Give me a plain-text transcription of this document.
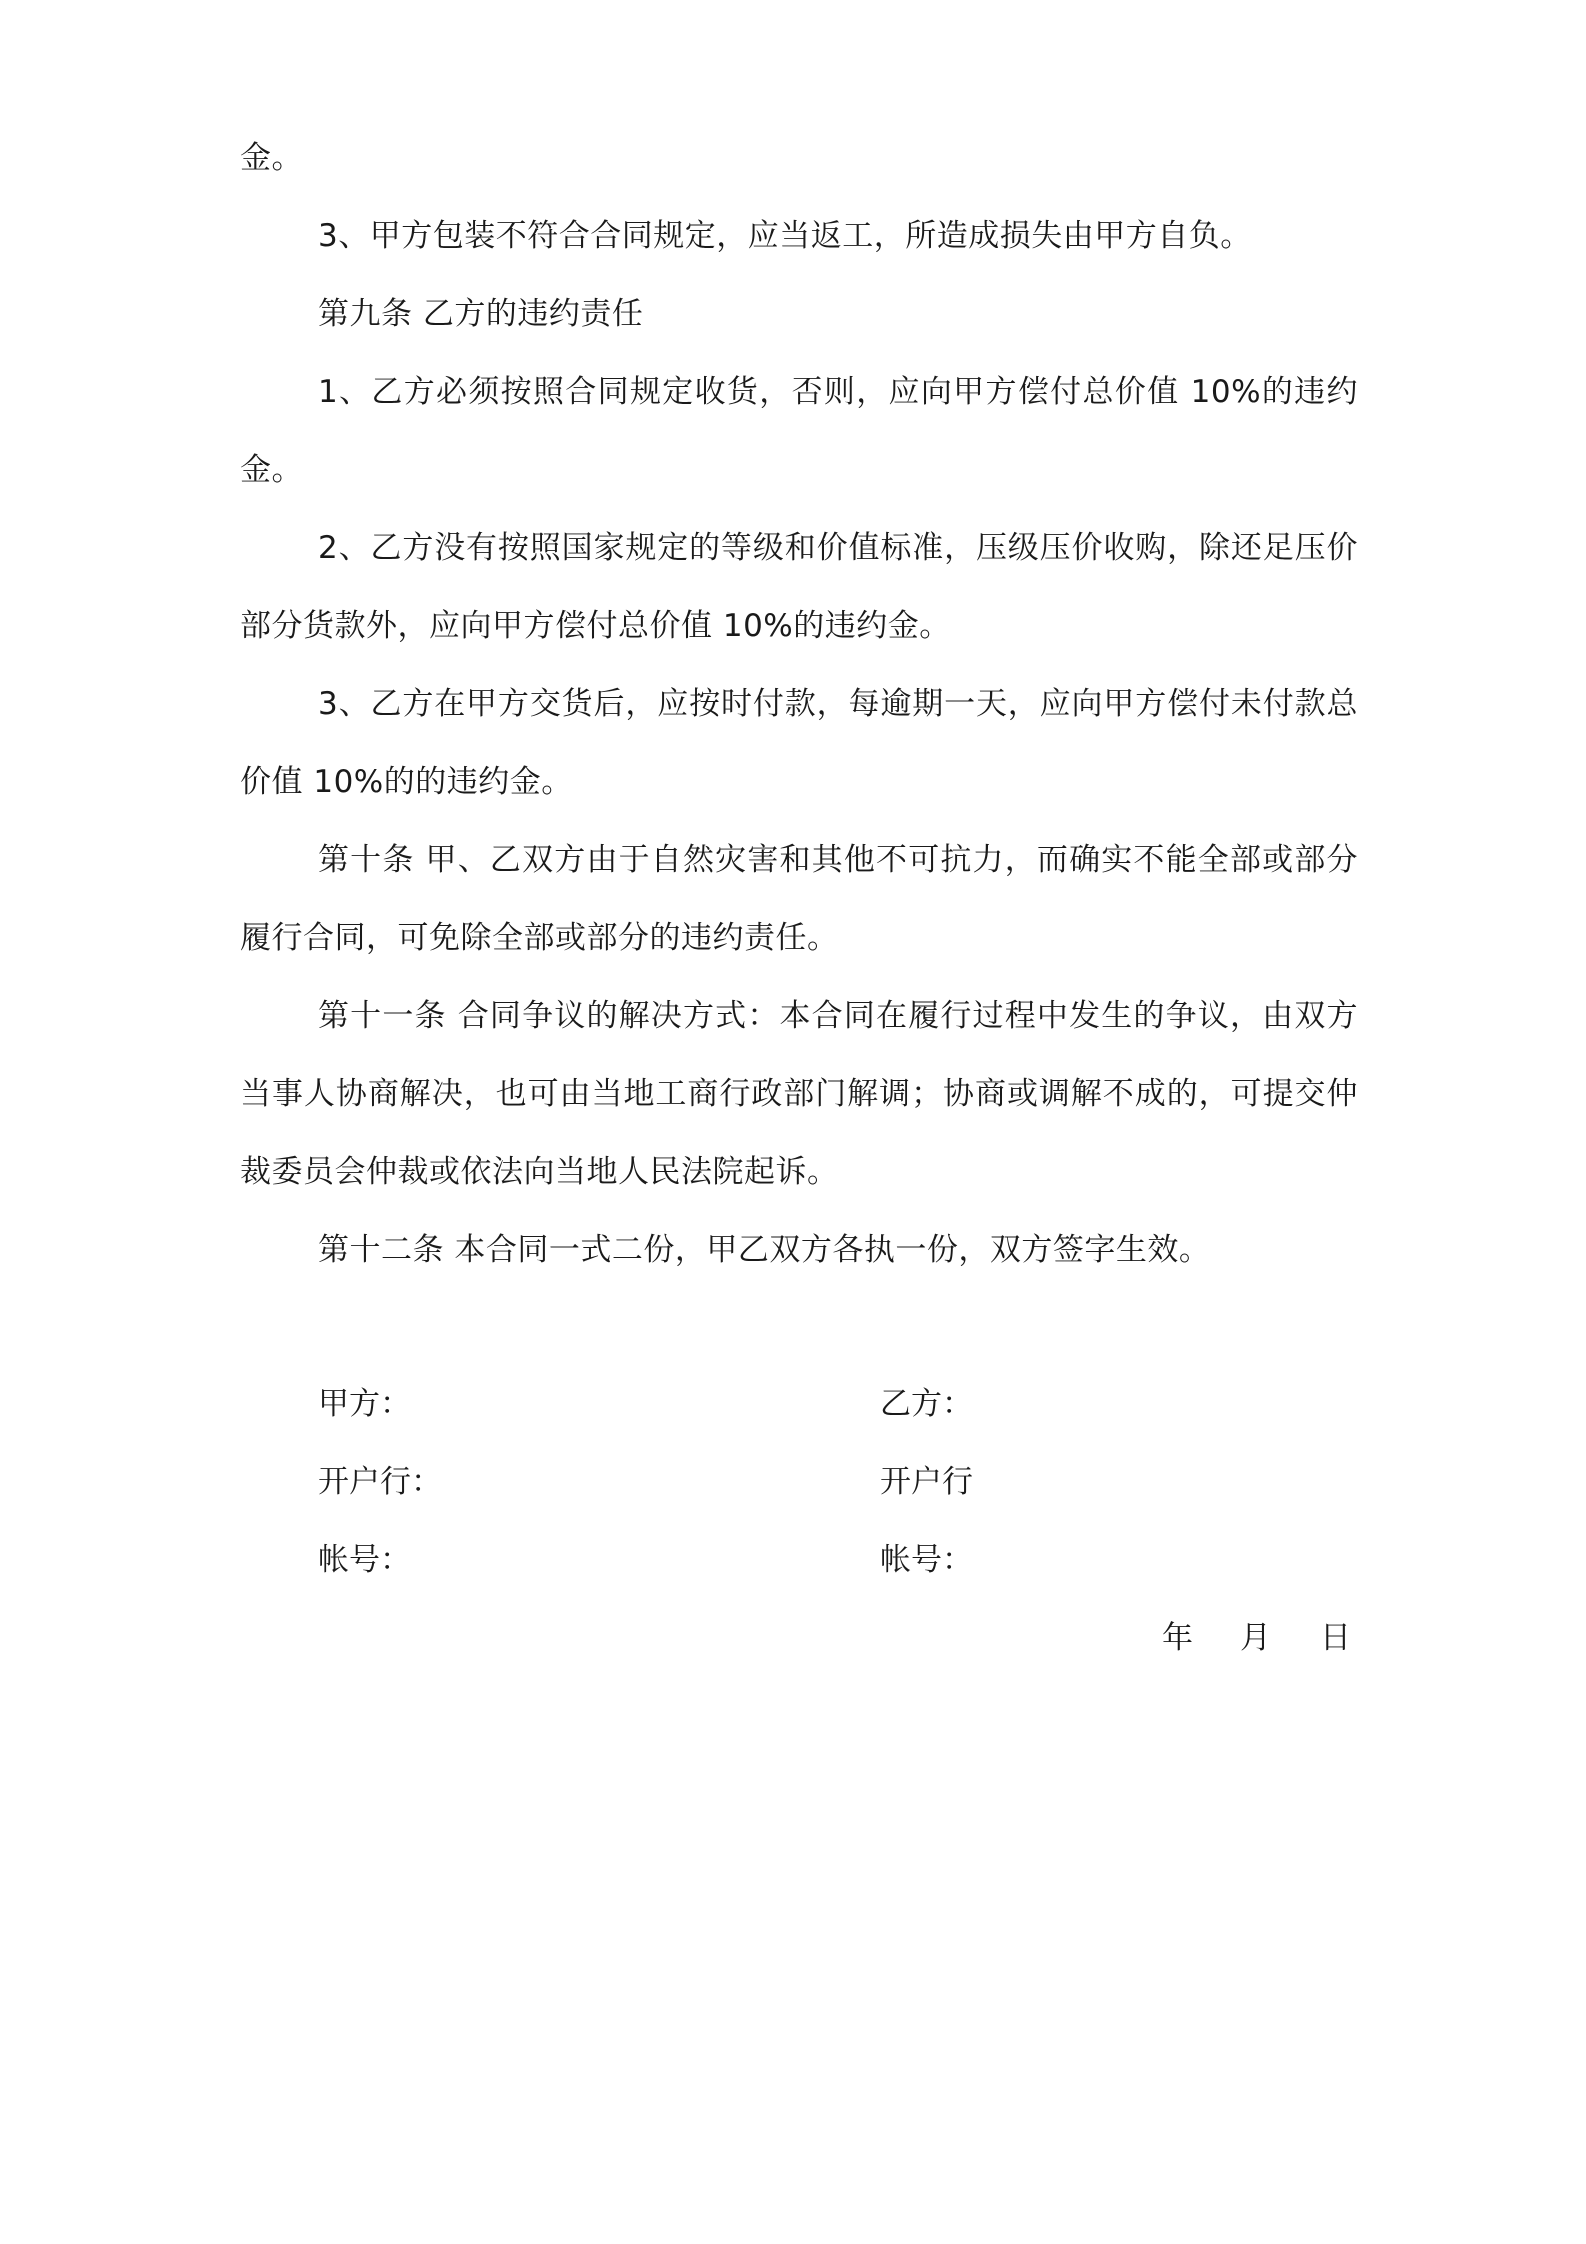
金。
3、甲方包装不符合合同规定，应当返工，所造成损失由甲方自负。
第九条 乙方的违约责任
1、乙方必须按照合同规定收货，否则，应向甲方偿付总价值 10%的违约
金。
2、乙方没有按照国家规定的等级和价值标准，压级压价收购，除还足压价
部分货款外，应向甲方偿付总价值 10%的违约金。
3、乙方在甲方交货后，应按时付款，每逾期一天，应向甲方偿付未付款总
价值 10%的的违约金。
第十条 甲、乙双方由于自然灾害和其他不可抗力，而确实不能全部或部分
履行合同，可免除全部或部分的违约责任。
第十一条 合同争议的解决方式：本合同在履行过程中发生的争议，由双方
当事人协商解决，也可由当地工商行政部门解调；协商或调解不成的，可提交仲
裁委员会仲裁或依法向当地人民法院起诉。
第十二条 本合同一式二份，甲乙双方各执一份，双方签字生效。
甲方：	乙方：
开户行：	开户行
帐号：	帐号：
年 月 日
